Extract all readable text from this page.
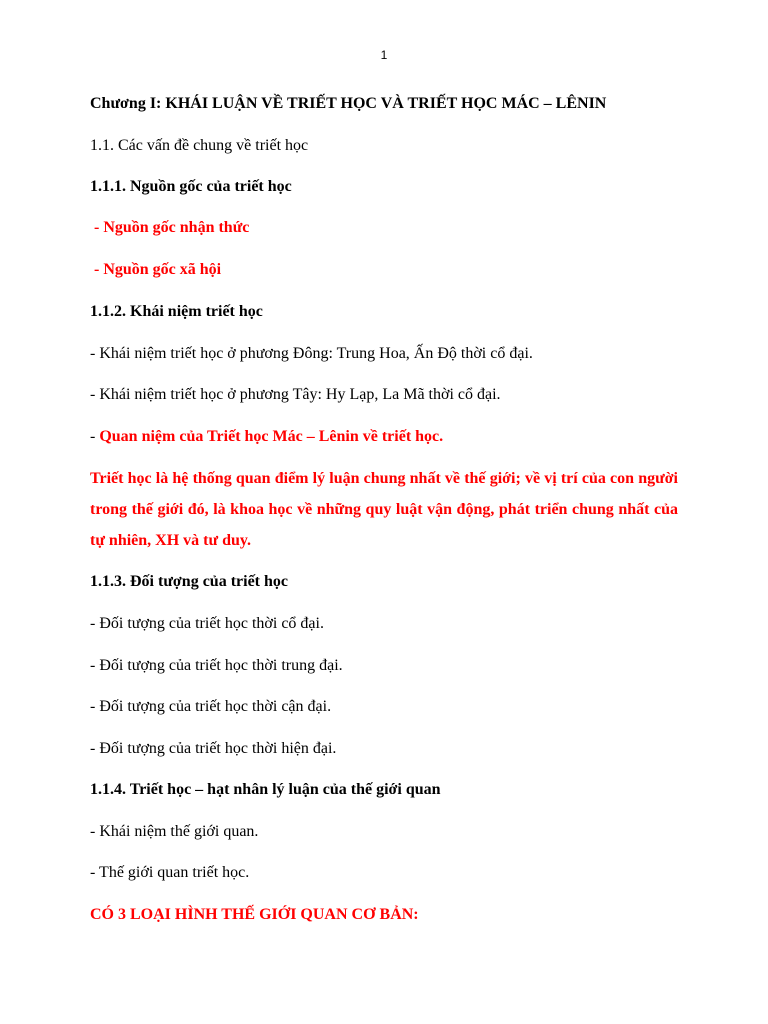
1
Chương I: KHÁI LUẬN VỀ TRIẾT HỌC VÀ TRIẾT HỌC MÁC – LÊNIN
1.1. Các vấn đề chung về triết học
1.1.1. Nguồn gốc của triết học
- Nguồn gốc nhận thức
- Nguồn gốc xã hội
1.1.2. Khái niệm triết học
- Khái niệm triết học ở phương Đông: Trung Hoa, Ấn Độ thời cổ đại.
- Khái niệm triết học ở phương Tây: Hy Lạp, La Mã thời cổ đại.
- Quan niệm của Triết học Mác – Lênin về triết học.
Triết học là hệ thống quan điểm lý luận chung nhất về thế giới; về vị trí của con người trong thế giới đó, là khoa học về những quy luật vận động, phát triển chung nhất của tự nhiên, XH và tư duy.
1.1.3. Đối tượng của triết học
- Đối tượng của triết học thời cổ đại.
- Đối tượng của triết học thời trung đại.
- Đối tượng của triết học thời cận đại.
- Đối tượng của triết học thời hiện đại.
1.1.4. Triết học – hạt nhân lý luận của thế giới quan
- Khái niệm thế giới quan.
- Thế giới quan triết học.
CÓ 3 LOẠI HÌNH THẾ GIỚI QUAN CƠ BẢN:
